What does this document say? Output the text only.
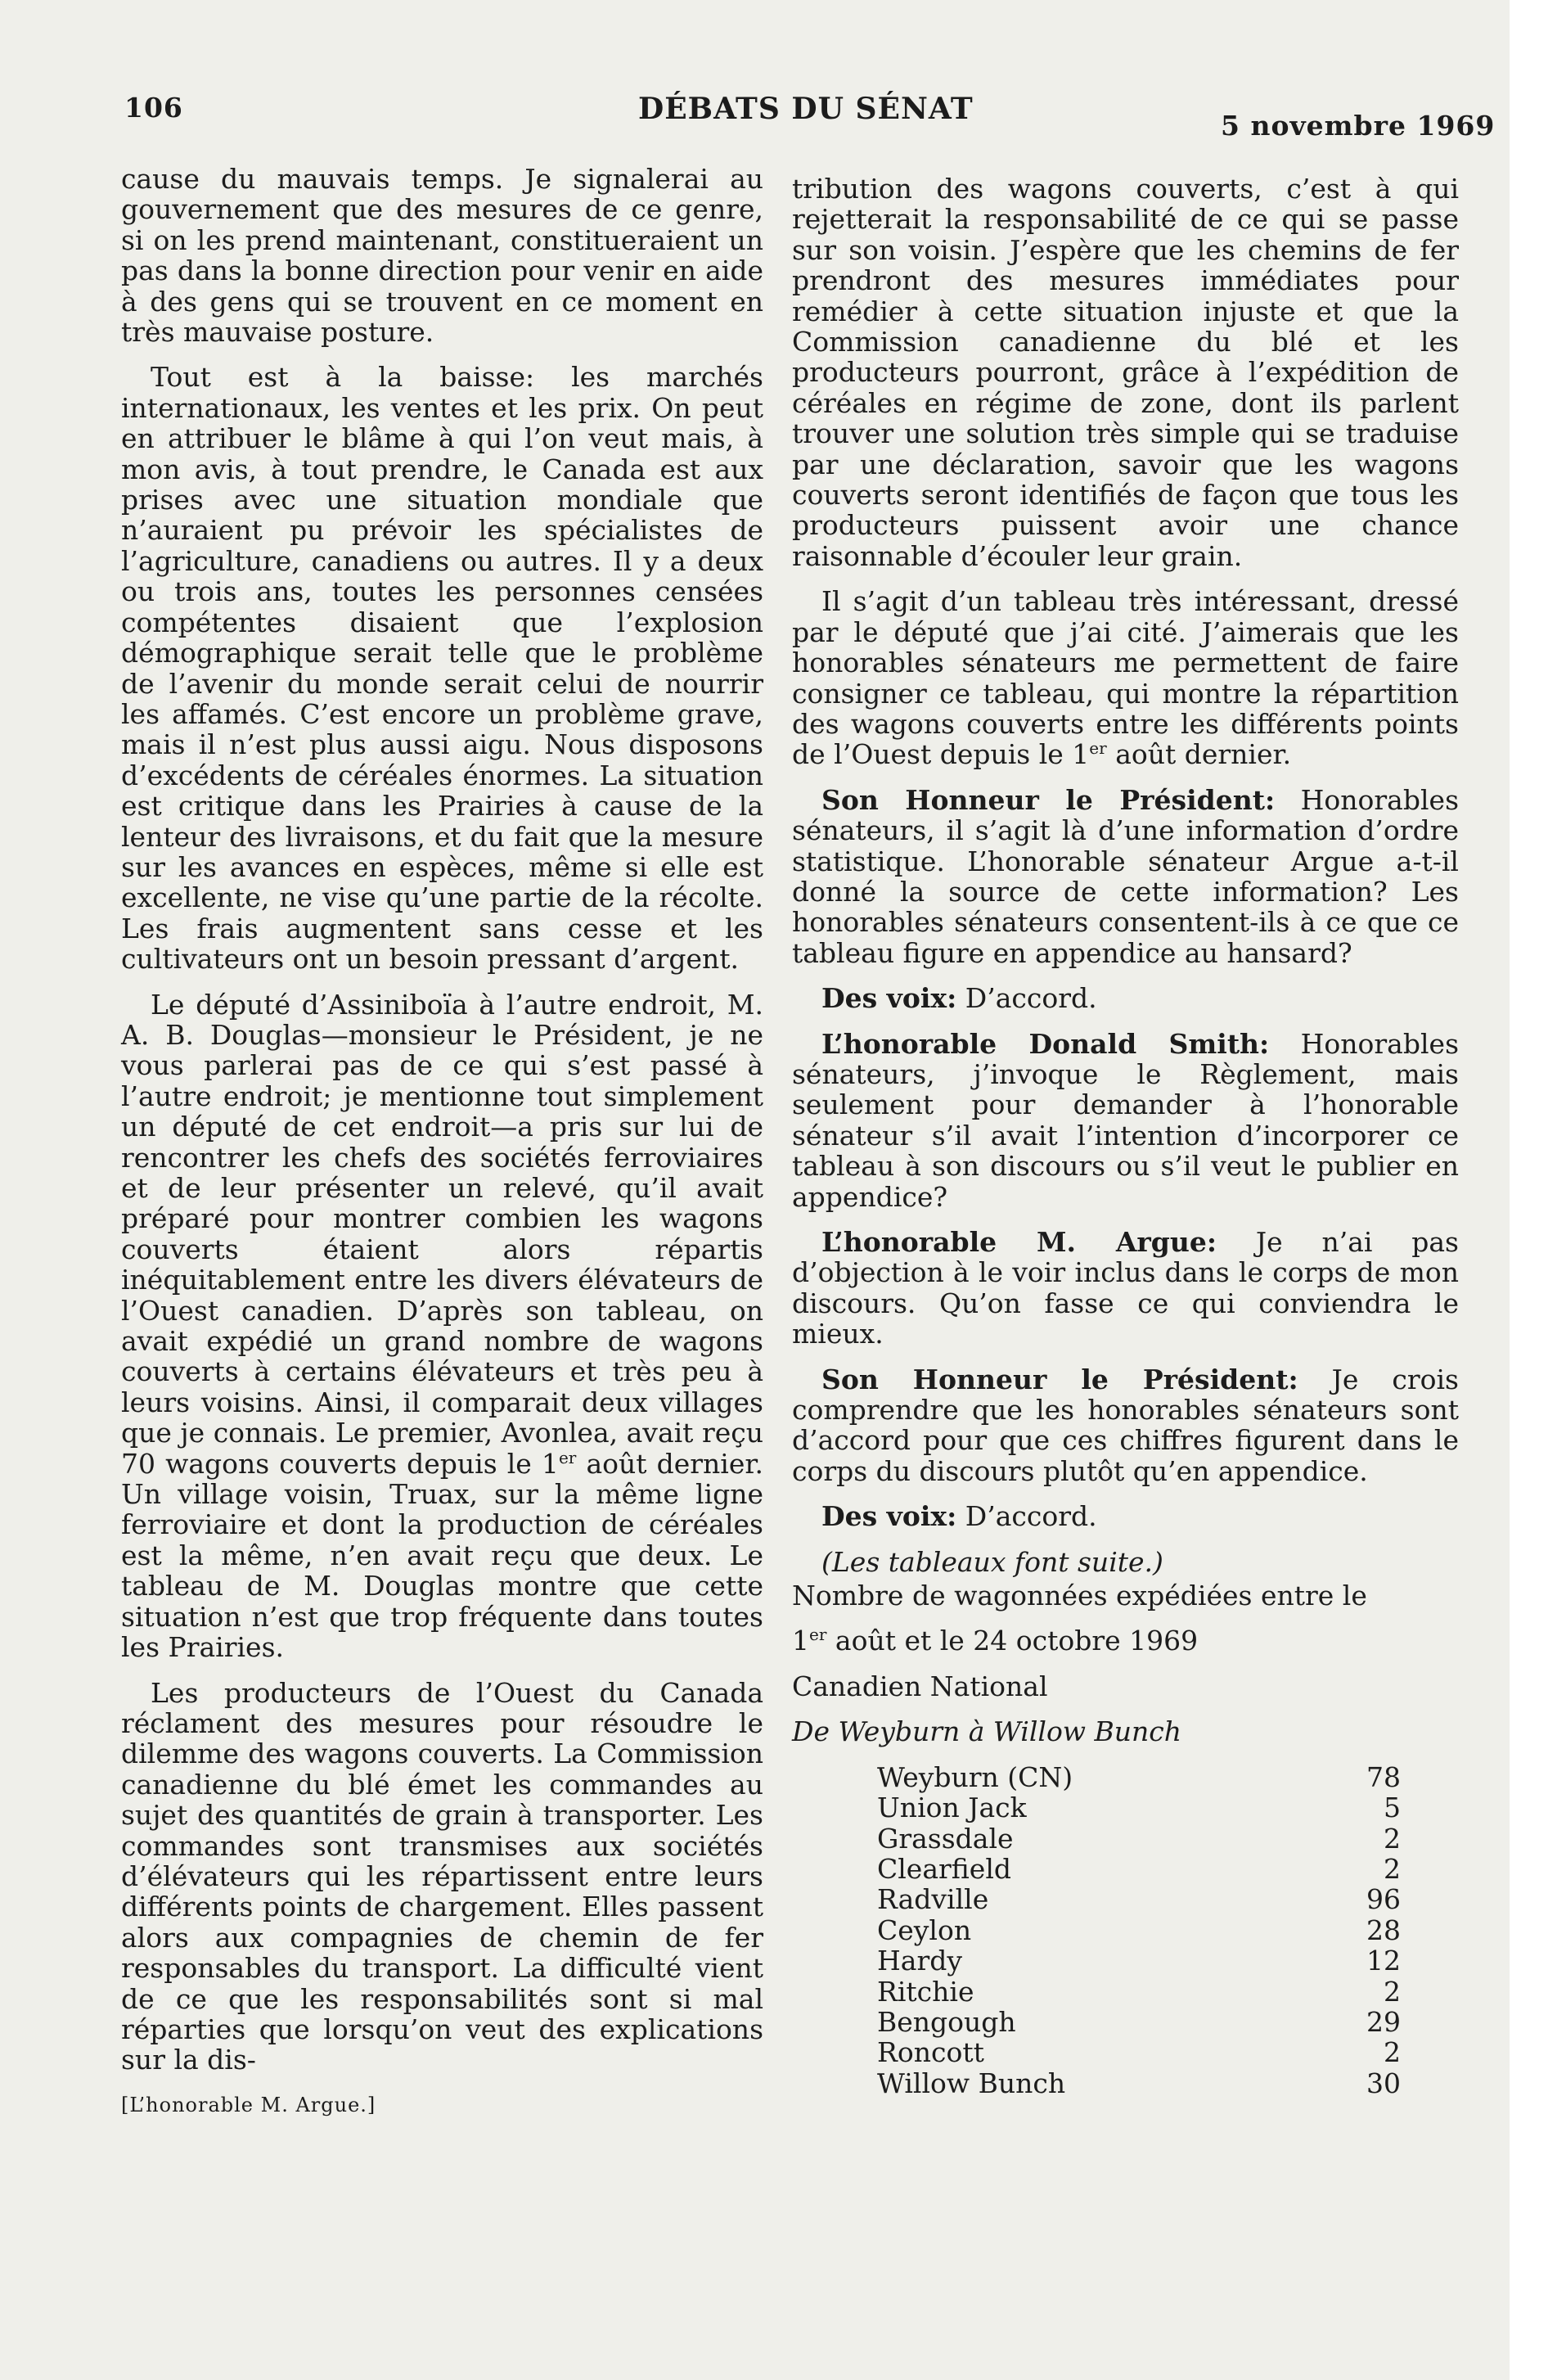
106	DÉBATS DU SÉNAT	5 novembre 1969

cause du mauvais temps. Je signalerai au gouvernement que des mesures de ce genre, si on les prend maintenant, constitueraient un pas dans la bonne direction pour venir en aide à des gens qui se trouvent en ce moment en très mauvaise posture.

Tout est à la baisse: les marchés internationaux, les ventes et les prix. On peut en attribuer le blâme à qui l’on veut mais, à mon avis, à tout prendre, le Canada est aux prises avec une situation mondiale que n’auraient pu prévoir les spécialistes de l’agriculture, canadiens ou autres. Il y a deux ou trois ans, toutes les personnes censées compétentes disaient que l’explosion démographique serait telle que le problème de l’avenir du monde serait celui de nourrir les affamés. C’est encore un problème grave, mais il n’est plus aussi aigu. Nous disposons d’excédents de céréales énormes. La situation est critique dans les Prairies à cause de la lenteur des livraisons, et du fait que la mesure sur les avances en espèces, même si elle est excellente, ne vise qu’une partie de la récolte. Les frais augmentent sans cesse et les cultivateurs ont un besoin pressant d’argent.

Le député d’Assiniboïa à l’autre endroit, M. A. B. Douglas—monsieur le Président, je ne vous parlerai pas de ce qui s’est passé à l’autre endroit; je mentionne tout simplement un député de cet endroit—a pris sur lui de rencontrer les chefs des sociétés ferroviaires et de leur présenter un relevé, qu’il avait préparé pour montrer combien les wagons couverts étaient alors répartis inéquitablement entre les divers élévateurs de l’Ouest canadien. D’après son tableau, on avait expédié un grand nombre de wagons couverts à certains élévateurs et très peu à leurs voisins. Ainsi, il comparait deux villages que je connais. Le premier, Avonlea, avait reçu 70 wagons couverts depuis le 1er août dernier. Un village voisin, Truax, sur la même ligne ferroviaire et dont la production de céréales est la même, n’en avait reçu que deux. Le tableau de M. Douglas montre que cette situation n’est que trop fréquente dans toutes les Prairies.

Les producteurs de l’Ouest du Canada réclament des mesures pour résoudre le dilemme des wagons couverts. La Commission canadienne du blé émet les commandes au sujet des quantités de grain à transporter. Les commandes sont transmises aux sociétés d’élévateurs qui les répartissent entre leurs différents points de chargement. Elles passent alors aux compagnies de chemin de fer responsables du transport. La difficulté vient de ce que les responsabilités sont si mal réparties que lorsqu’on veut des explications sur la dis-

[L’honorable M. Argue.]

tribution des wagons couverts, c’est à qui rejetterait la responsabilité de ce qui se passe sur son voisin. J’espère que les chemins de fer prendront des mesures immédiates pour remédier à cette situation injuste et que la Commission canadienne du blé et les producteurs pourront, grâce à l’expédition de céréales en régime de zone, dont ils parlent trouver une solution très simple qui se traduise par une déclaration, savoir que les wagons couverts seront identifiés de façon que tous les producteurs puissent avoir une chance raisonnable d’écouler leur grain.

Il s’agit d’un tableau très intéressant, dressé par le député que j’ai cité. J’aimerais que les honorables sénateurs me permettent de faire consigner ce tableau, qui montre la répartition des wagons couverts entre les différents points de l’Ouest depuis le 1er août dernier.

Son Honneur le Président: Honorables sénateurs, il s’agit là d’une information d’ordre statistique. L’honorable sénateur Argue a-t-il donné la source de cette information? Les honorables sénateurs consentent-ils à ce que ce tableau figure en appendice au hansard?

Des voix: D’accord.

L’honorable Donald Smith: Honorables sénateurs, j’invoque le Règlement, mais seulement pour demander à l’honorable sénateur s’il avait l’intention d’incorporer ce tableau à son discours ou s’il veut le publier en appendice?

L’honorable M. Argue: Je n’ai pas d’objection à le voir inclus dans le corps de mon discours. Qu’on fasse ce qui conviendra le mieux.

Son Honneur le Président: Je crois comprendre que les honorables sénateurs sont d’accord pour que ces chiffres figurent dans le corps du discours plutôt qu’en appendice.

Des voix: D’accord.

(Les tableaux font suite.)

Nombre de wagonnées expédiées entre le

1er août et le 24 octobre 1969

Canadien National

De Weyburn à Willow Bunch

Weyburn (CN)	78
Union Jack	5
Grassdale	2
Clearfield	2
Radville	96
Ceylon	28
Hardy	12
Ritchie	2
Bengough	29
Roncott	2
Willow Bunch	30
